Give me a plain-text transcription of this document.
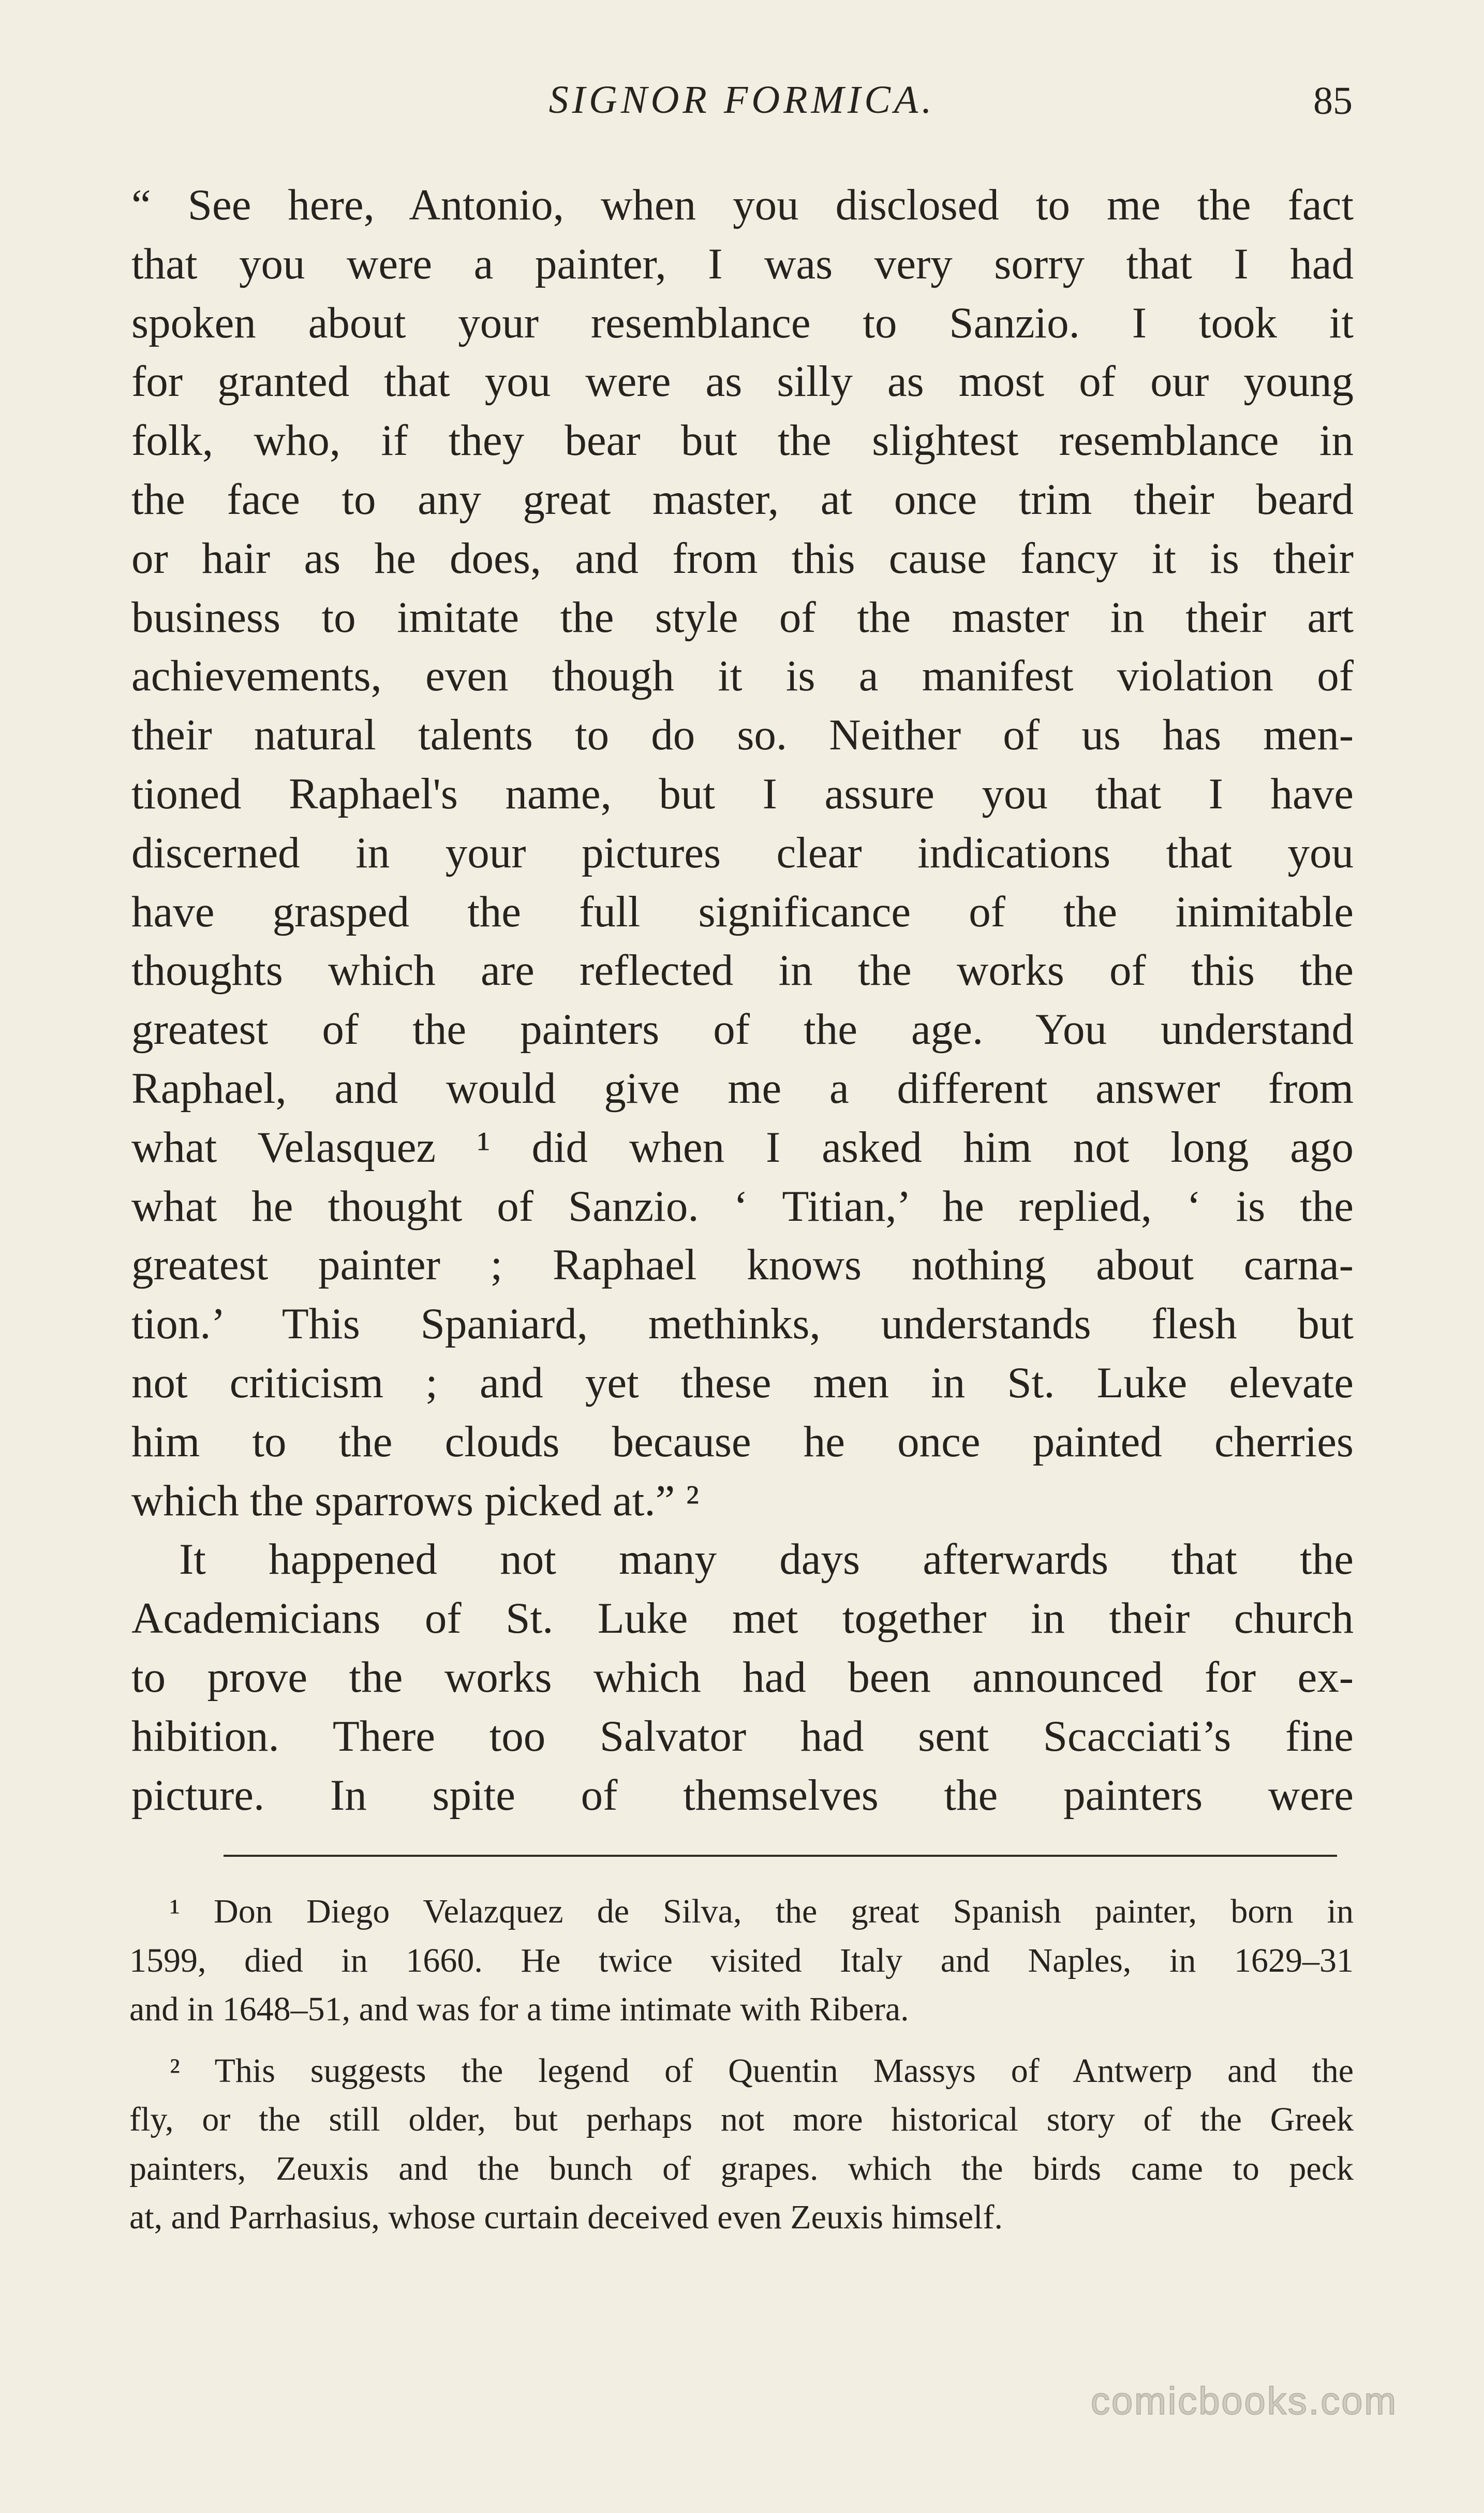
SIGNOR FORMICA.	85
“ See here, Antonio, when you disclosed to me the fact
that you were a painter, I was very sorry that I had
spoken about your resemblance to Sanzio. I took it
for granted that you were as silly as most of our young
folk, who, if they bear but the slightest resemblance in
the face to any great master, at once trim their beard
or hair as he does, and from this cause fancy it is their
business to imitate the style of the master in their art
achievements, even though it is a manifest violation of
their natural talents to do so. Neither of us has men-
tioned Raphael's name, but I assure you that I have
discerned in your pictures clear indications that you
have grasped the full significance of the inimitable
thoughts which are reflected in the works of this the
greatest of the painters of the age. You understand
Raphael, and would give me a different answer from
what Velasquez ¹ did when I asked him not long ago
what he thought of Sanzio. ‘ Titian,’ he replied, ‘ is the
greatest painter ; Raphael knows nothing about carna-
tion.’ This Spaniard, methinks, understands flesh but
not criticism ; and yet these men in St. Luke elevate
him to the clouds because he once painted cherries
which the sparrows picked at.” ²
It happened not many days afterwards that the
Academicians of St. Luke met together in their church
to prove the works which had been announced for ex-
hibition. There too Salvator had sent Scacciati’s fine
picture. In spite of themselves the painters were
¹ Don Diego Velazquez de Silva, the great Spanish painter, born in
1599, died in 1660. He twice visited Italy and Naples, in 1629–31
and in 1648–51, and was for a time intimate with Ribera.
² This suggests the legend of Quentin Massys of Antwerp and the
fly, or the still older, but perhaps not more historical story of the Greek
painters, Zeuxis and the bunch of grapes. which the birds came to peck
at, and Parrhasius, whose curtain deceived even Zeuxis himself.
comicbooks.com
